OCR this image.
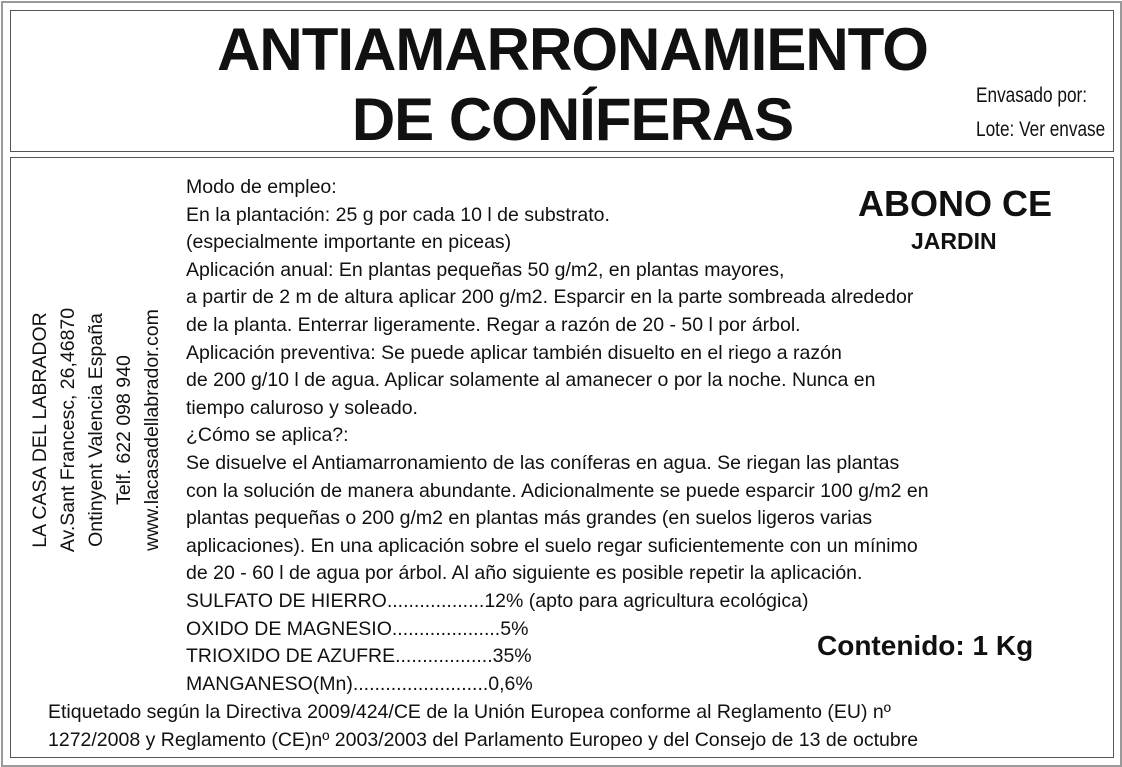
ANTIAMARRONAMIENTO
DE CONÍFERAS	Envasado por:
Lote: Ver envase
LA CASA DEL LABRADOR Av.Sant Francesc, 26,46870 Ontinyent Valencia España Telf. 622 098 940 www.lacasadellabrador.com
ABONO CE
JARDIN
Modo de empleo:
En la plantación: 25 g por cada 10 l de substrato.
(especialmente importante en piceas)
Aplicación anual: En plantas pequeñas 50 g/m2, en plantas mayores,
a partir de 2 m de altura aplicar 200 g/m2. Esparcir en la parte sombreada alrededor
de la planta. Enterrar ligeramente. Regar a razón de 20 - 50 l por árbol.
Aplicación preventiva: Se puede aplicar también disuelto en el riego a razón
de 200 g/10 l de agua. Aplicar solamente al amanecer o por la noche. Nunca en
tiempo caluroso y soleado.
¿Cómo se aplica?:
Se disuelve el Antiamarronamiento de las coníferas en agua. Se riegan las plantas
con la solución de manera abundante. Adicionalmente se puede esparcir 100 g/m2 en
plantas pequeñas o 200 g/m2 en plantas más grandes (en suelos ligeros varias
aplicaciones). En una aplicación sobre el suelo regar suficientemente con un mínimo
de 20 - 60 l de agua por árbol. Al año siguiente es posible repetir la aplicación.
SULFATO DE HIERRO..................12% (apto para agricultura ecológica)
OXIDO DE MAGNESIO....................5%
TRIOXIDO DE AZUFRE..................35%
MANGANESO(Mn).........................0,6%
Contenido: 1 Kg
Etiquetado según la Directiva 2009/424/CE de la Unión Europea conforme al Reglamento (EU) nº
1272/2008 y Reglamento (CE)nº 2003/2003 del Parlamento Europeo y del Consejo de 13 de octubre
